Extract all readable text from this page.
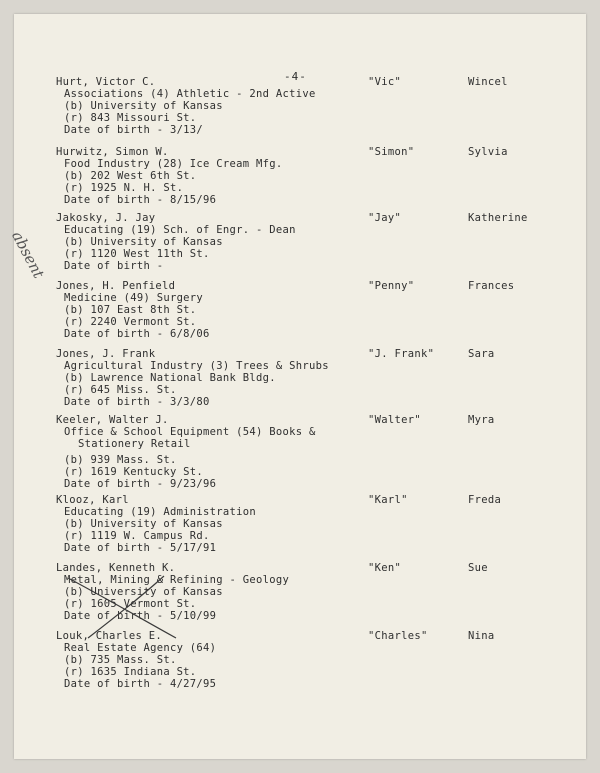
-4-
Hurt, Victor C.	"Vic"	Wincel
Associations (4) Athletic - 2nd Active
(b) University of Kansas
(r) 843 Missouri St.
Date of birth - 3/13/
Hurwitz, Simon W.	"Simon"	Sylvia
Food Industry (28) Ice Cream Mfg.
(b) 202 West 6th St.
(r) 1925 N. H. St.
Date of birth - 8/15/96
Jakosky, J. Jay	"Jay"	Katherine
Educating (19) Sch. of Engr. - Dean
(b) University of Kansas
(r) 1120 West 11th St.
Date of birth -
absent
Jones, H. Penfield	"Penny"	Frances
Medicine (49) Surgery
(b) 107 East 8th St.
(r) 2240 Vermont St.
Date of birth - 6/8/06
Jones, J. Frank	"J. Frank"	Sara
Agricultural Industry (3) Trees & Shrubs
(b) Lawrence National Bank Bldg.
(r) 645 Miss. St.
Date of birth - 3/3/80
Keeler, Walter J.	"Walter"	Myra
Office & School Equipment (54) Books &
Stationery Retail
(b) 939 Mass. St.
(r) 1619 Kentucky St.
Date of birth - 9/23/96
Klooz, Karl	"Karl"	Freda
Educating (19) Administration
(b) University of Kansas
(r) 1119 W. Campus Rd.
Date of birth - 5/17/91
Landes, Kenneth K.	"Ken"	Sue
Metal, Mining & Refining - Geology
(b) University of Kansas
(r) 1605 Vermont St.
Date of birth - 5/10/99
Louk, Charles E.	"Charles"	Nina
Real Estate Agency (64)
(b) 735 Mass. St.
(r) 1635 Indiana St.
Date of birth - 4/27/95
